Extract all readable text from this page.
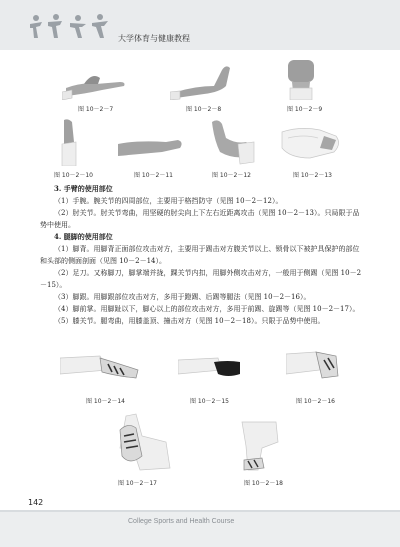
大学体育与健康教程
图 10－2－7	图 10－2－8	图 10－2－9
图 10－2－10	图 10－2－11	图 10－2－12	图 10－2－13

3. 手臂的使用部位

（1）手腕。腕关节的四周部位，主要用于格挡防守（见图 10－2－12）。

（2）肘关节。肘关节弯曲，用坚硬的肘尖向上下左右近距离攻击（见图 10－2－13）。只局限于品势中使用。

4. 腿脚的使用部位

（1）脚背。用脚背正面部位攻击对方，主要用于踢击对方腹关节以上、锁骨以下被护具保护的部位和头部的侧面剖面（见图 10－2－14）。

（2）足刀。又称脚刀，脚掌端并拢，踝关节内扣，用脚外侧攻击对方，一般用于侧踢（见图 10－2－15）。

（3）脚跟。用脚跟部位攻击对方，多用于蹬踢、后踢等腿法（见图 10－2－16）。

（4）脚前掌。用脚趾以下，脚心以上的部位攻击对方，多用于前踢、旋踢等（见图 10－2－17）。

（5）膝关节。腿弯曲，用膝盖顶、撞击对方（见图 10－2－18）。只限于品势中使用。

图 10－2－14	图 10－2－15	图 10－2－16
图 10－2－17	图 10－2－18
142
College Sports and Health Course
